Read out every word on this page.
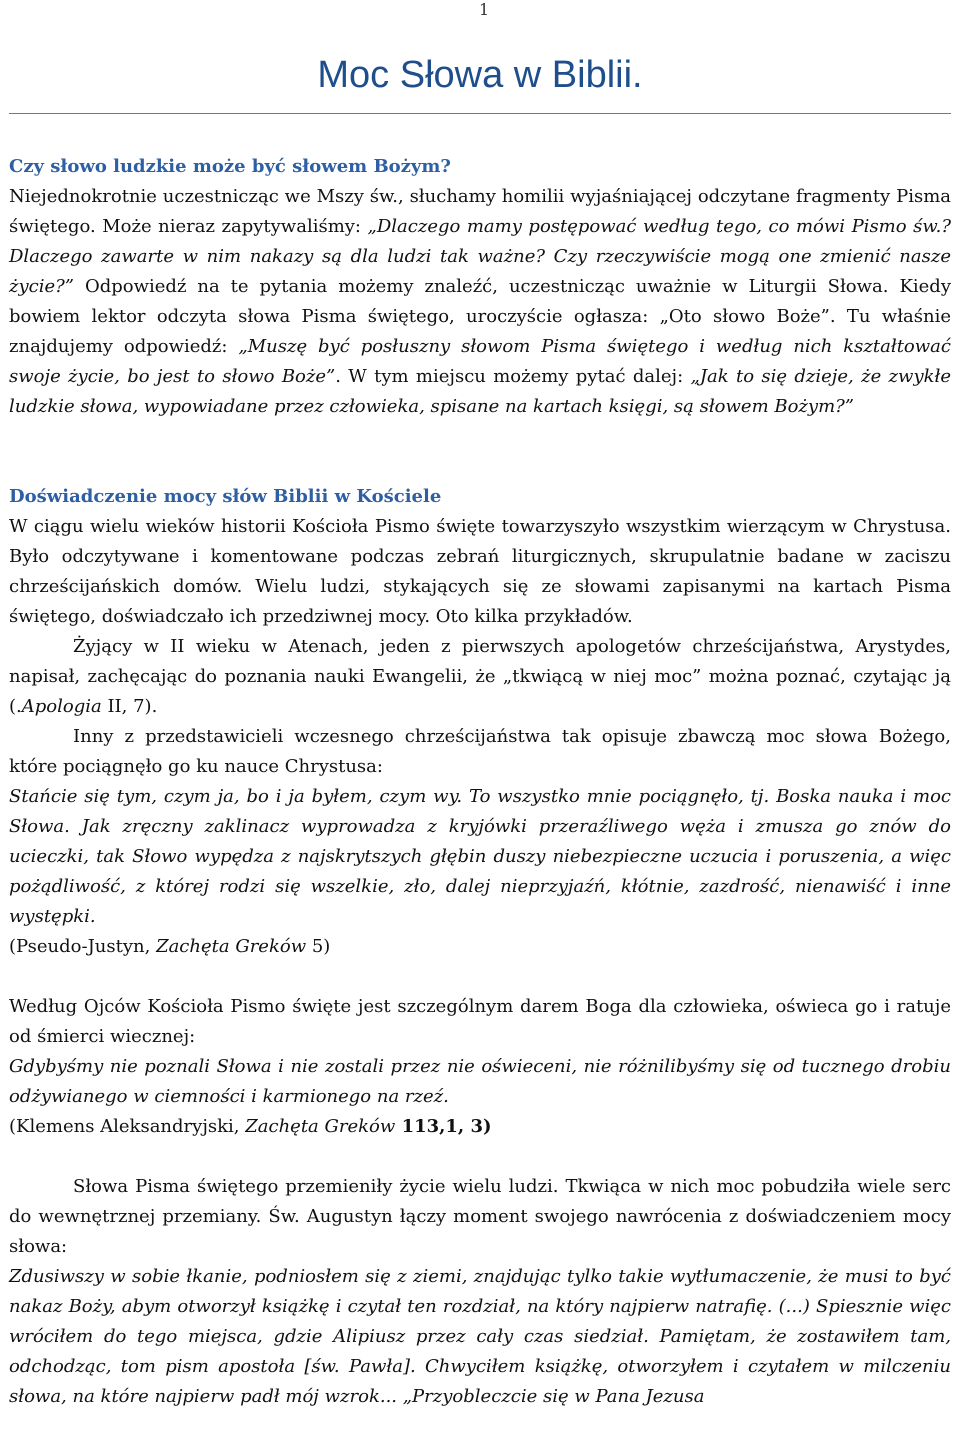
1
Moc Słowa w Biblii.
Czy słowo ludzkie może być słowem Bożym?

Niejednokrotnie uczestnicząc we Mszy św., słuchamy homilii wyjaśniającej odczytane fragmenty Pisma świętego. Może nieraz zapytywaliśmy: „Dlaczego mamy postępować według tego, co mówi Pismo św.? Dlaczego zawarte w nim nakazy są dla ludzi tak ważne? Czy rzeczywiście mogą one zmienić nasze życie?” Odpowiedź na te pytania możemy znaleźć, uczestnicząc uważnie w Liturgii Słowa. Kiedy bowiem lektor odczyta słowa Pisma świętego, uroczyście ogłasza: „Oto słowo Boże”. Tu właśnie znajdujemy odpowiedź: „Muszę być posłuszny słowom Pisma świętego i według nich kształtować swoje życie, bo jest to słowo Boże”. W tym miejscu możemy pytać dalej: „Jak to się dzieje, że zwykłe ludzkie słowa, wypowiadane przez człowieka, spisane na kartach księgi, są słowem Bożym?”

Doświadczenie mocy słów Biblii w Kościele

W ciągu wielu wieków historii Kościoła Pismo święte towarzyszyło wszystkim wierzącym w Chrystusa. Było odczytywane i komentowane podczas zebrań liturgicznych, skrupulatnie badane w zaciszu chrześcijańskich domów. Wielu ludzi, stykających się ze słowami zapisanymi na kartach Pisma świętego, doświadczało ich przedziwnej mocy. Oto kilka przykładów.

Żyjący w II wieku w Atenach, jeden z pierwszych apologetów chrześcijaństwa, Arystydes, napisał, zachęcając do poznania nauki Ewangelii, że „tkwiącą w niej moc” można poznać, czytając ją (.Apologia II, 7).

Inny z przedstawicieli wczesnego chrześcijaństwa tak opisuje zbawczą moc słowa Bożego, które pociągnęło go ku nauce Chrystusa:

Stańcie się tym, czym ja, bo i ja byłem, czym wy. To wszystko mnie pociągnęło, tj. Boska nauka i moc Słowa. Jak zręczny zaklinacz wyprowadza z kryjówki przeraźliwego węża i zmusza go znów do ucieczki, tak Słowo wypędza z najskrytszych głębin duszy niebezpieczne uczucia i poruszenia, a więc pożądliwość, z której rodzi się wszelkie, zło, dalej nieprzyjaźń, kłótnie, zazdrość, nienawiść i inne występki.

(Pseudo-Justyn, Zachęta Greków 5)

Według Ojców Kościoła Pismo święte jest szczególnym darem Boga dla człowieka, oświeca go i ratuje od śmierci wiecznej:

Gdybyśmy nie poznali Słowa i nie zostali przez nie oświeceni, nie różnilibyśmy się od tucznego drobiu odżywianego w ciemności i karmionego na rzeź.

(Klemens Aleksandryjski, Zachęta Greków 113,1, 3)

Słowa Pisma świętego przemieniły życie wielu ludzi. Tkwiąca w nich moc pobudziła wiele serc do wewnętrznej przemiany. Św. Augustyn łączy moment swojego nawrócenia z doświadczeniem mocy słowa:

Zdusiwszy w sobie łkanie, podniosłem się z ziemi, znajdując tylko takie wytłumaczenie, że musi to być nakaz Boży, abym otworzył książkę i czytał ten rozdział, na który najpierw natrafię. (...) Spiesznie więc wróciłem do tego miejsca, gdzie Alipiusz przez cały czas siedział. Pamiętam, że zostawiłem tam, odchodząc, tom pism apostoła [św. Pawła]. Chwyciłem książkę, otworzyłem i czytałem w milczeniu słowa, na które najpierw padł mój wzrok... „Przyobleczcie się w Pana Jezusa
